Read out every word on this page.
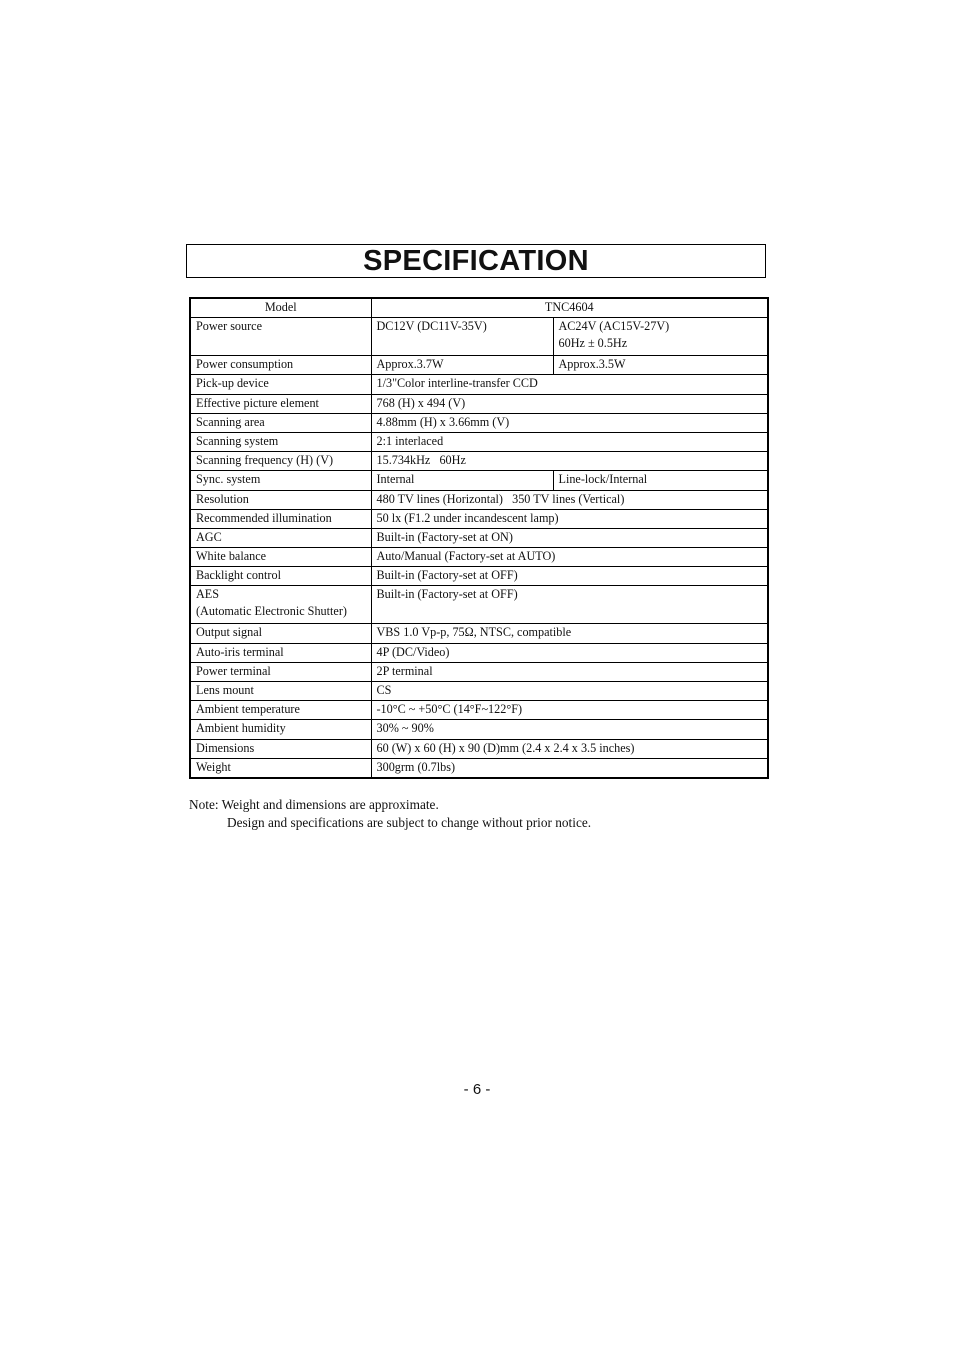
SPECIFICATION
Model	TNC4604	
Power source	DC12V (DC11V-35V)	AC24V (AC15V-27V)
60Hz ± 0.5Hz

Power consumption	Approx.3.7W	Approx.3.5W
Pick-up device	1/3"Color interline-transfer CCD	
Effective picture element	768 (H) x 494 (V)	
Scanning area	4.88mm (H) x 3.66mm (V)	
Scanning system	2:1 interlaced	
Scanning frequency (H) (V)	15.734kHz   60Hz	
Sync. system	Internal	Line-lock/Internal
Resolution	480 TV lines (Horizontal)   350 TV lines (Vertical)	
Recommended illumination	50 lx (F1.2 under incandescent lamp)	
AGC	Built-in (Factory-set at ON)	
White balance	Auto/Manual (Factory-set at AUTO)	
Backlight control	Built-in (Factory-set at OFF)	

AES
(Automatic Electronic Shutter)	Built-in (Factory-set at OFF)	
Output signal	VBS 1.0 Vp-p, 75Ω, NTSC, compatible	
Auto-iris terminal	4P (DC/Video)	
Power terminal	2P terminal	
Lens mount	CS	
Ambient temperature	-10°C ~ +50°C (14°F~122°F)	
Ambient humidity	30% ~ 90%	
Dimensions	60 (W) x 60 (H) x 90 (D)mm (2.4 x 2.4 x 3.5 inches)	
Weight	300grm (0.7lbs)	
Note: Weight and dimensions are approximate.
Design and specifications are subject to change without prior notice.
- 6 -
